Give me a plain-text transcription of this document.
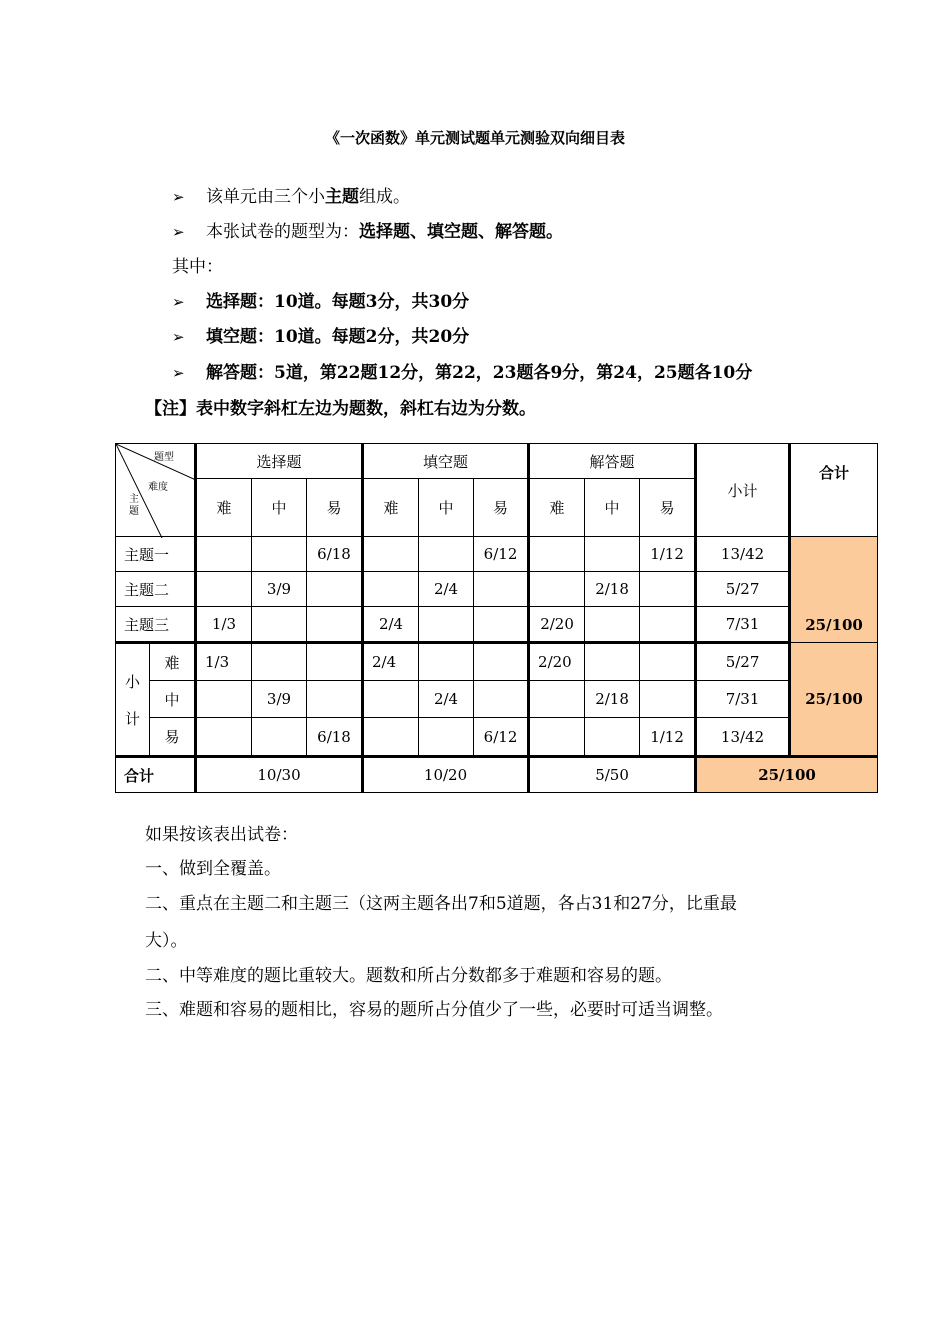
《一次函数》单元测试题单元测验双向细目表
➢ 该单元由三个小主题组成。
➢ 本张试卷的题型为：选择题、填空题、解答题。
其中：
➢ 选择题：10道。每题3分，共30分
➢ 填空题：10道。每题2分，共20分
➢ 解答题：5道，第22题12分，第22，23题各9分，第24，25题各10分
【注】表中数字斜杠左边为题数，斜杠右边为分数。
题型
难度
主
题		选择题			填空题			解答题			小计	合计
		难	中	易	难	中	易	难	中	易		
主题一				6/18			6/12			1/12	13/42	25/100
主题二			3/9			2/4			2/18		5/27	
主题三		1/3			2/4			2/20			7/31	

小
计	难	1/3			2/4			2/20			5/27	25/100
	中		3/9			2/4			2/18		7/31	
	易			6/18			6/12			1/12	13/42	
合计		10/30			10/20			5/50			25/100	
如果按该表出试卷：
一、做到全覆盖。
二、重点在主题二和主题三（这两主题各出7和5道题，各占31和27分，比重最
大）。
二、中等难度的题比重较大。题数和所占分数都多于难题和容易的题。
三、难题和容易的题相比，容易的题所占分值少了一些，必要时可适当调整。
